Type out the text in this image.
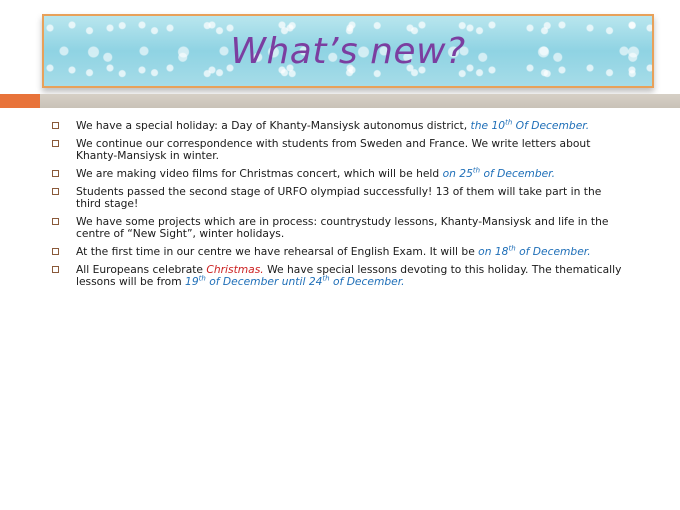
What’s new?
We have a special holiday: a Day of Khanty-Mansiysk autonomus district, the 10th Of December.
We continue our correspondence with students from Sweden and France. We write letters about Khanty-Mansiysk in winter.
We are making video films for Christmas concert, which will be held on 25th of December.
Students passed the second stage of URFO olympiad successfully! 13 of them will take part in the third stage!
We have some projects which are in process: countrystudy lessons, Khanty-Mansiysk and life in the centre of “New Sight”, winter holidays.
At the first time in our centre we have rehearsal of English Exam. It will be on 18th of December.
All Europeans celebrate Christmas. We have special lessons devoting to this holiday. The thematically lessons will be from 19th of December until 24th of December.
